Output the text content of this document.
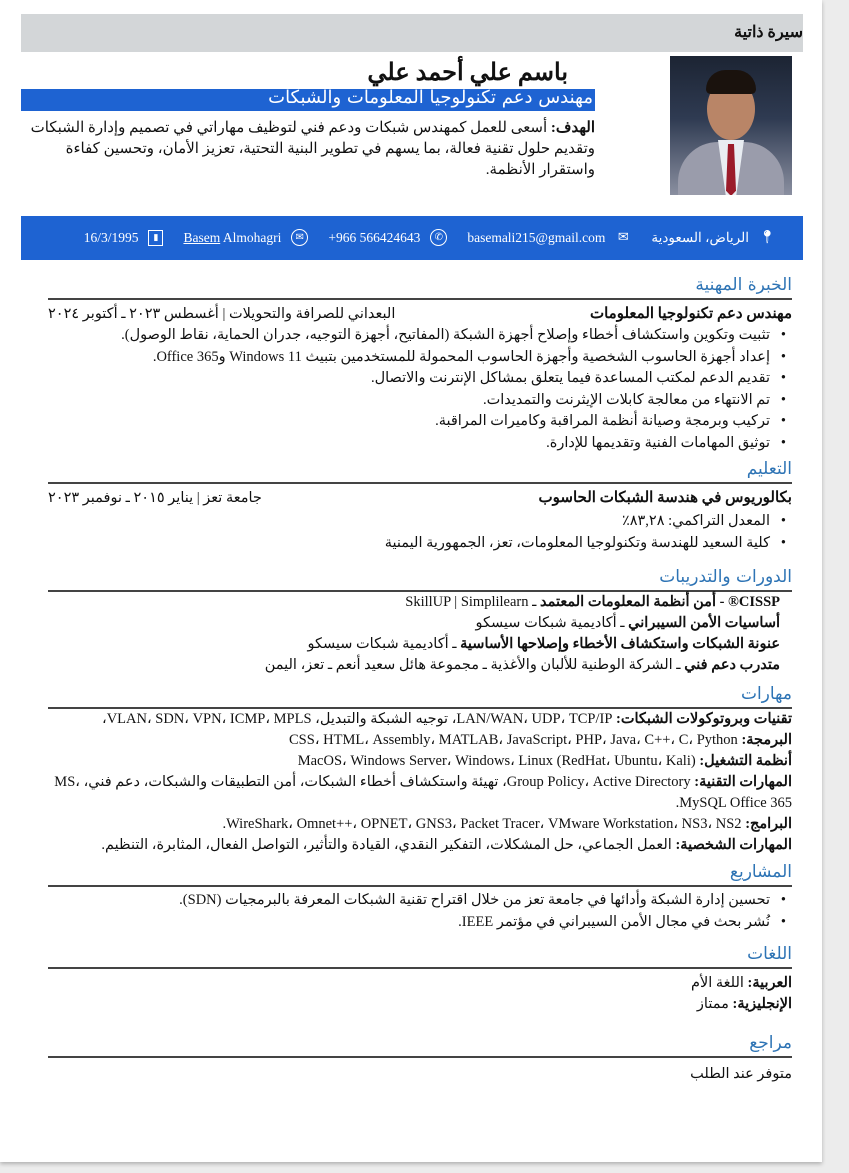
سيرة ذاتية
باسم علي أحمد علي
مهندس دعم تكنولوجيا المعلومات والشبكات
الهدف: أسعى للعمل كمهندس شبكات ودعم فني لتوظيف مهاراتي في تصميم وإدارة الشبكات وتقديم حلول تقنية فعالة، بما يسهم في تطوير البنية التحتية، تعزيز الأمان، وتحسين كفاءة واستقرار الأنظمة.
📍︎
الرياض، السعودية
✉
basemali215@gmail.com
✆
+966 566424643
✉
Basem Almohagri
▮
16/3/1995
الخبرة المهنية
مهندس دعم تكنولوجيا المعلومات
البعداني للصرافة والتحويلات | أغسطس ٢٠٢٣ ـ أكتوبر ٢٠٢٤
• تثبيت وتكوين واستكشاف أخطاء وإصلاح أجهزة الشبكة (المفاتيح، أجهزة التوجيه، جدران الحماية، نقاط الوصول).
• إعداد أجهزة الحاسوب الشخصية وأجهزة الحاسوب المحمولة للمستخدمين بتبيث Windows 11 وOffice 365.
• تقديم الدعم لمكتب المساعدة فيما يتعلق بمشاكل الإنترنت والاتصال.
• تم الانتهاء من معالجة كابلات الإيثرنت والتمديدات.
• تركيب وبرمجة وصيانة أنظمة المراقبة وكاميرات المراقبة.
• توثيق المهامات الفنية وتقديمها للإدارة.
التعليم
بكالوريوس في هندسة الشبكات الحاسوب
جامعة تعز | يناير ٢٠١٥ ـ نوفمبر ٢٠٢٣
• المعدل التراكمي: ٨٣,٢٨٪
• كلية السعيد للهندسة وتكنولوجيا المعلومات، تعز، الجمهورية اليمنية
الدورات والتدريبات
CISSP® - أمن أنظمة المعلومات المعتمد ـ SkillUP | Simplilearn
أساسيات الأمن السيبراني ـ أكاديمية شبكات سيسكو
عنونة الشبكات واستكشاف الأخطاء وإصلاحها الأساسية ـ أكاديمية شبكات سيسكو
متدرب دعم فني ـ الشركة الوطنية للألبان والأغذية ـ مجموعة هائل سعيد أنعم ـ تعز، اليمن
مهارات
تقنيات وبروتوكولات الشبكات: LAN/WAN، UDP، TCP/IP، توجيه الشبكة والتبديل، VLAN، SDN، VPN، ICMP، MPLS،
البرمجة: CSS، HTML، Assembly، MATLAB، JavaScript، PHP، Java، C++، C، Python
أنظمة التشغيل: MacOS، Windows Server، Windows، Linux (RedHat، Ubuntu، Kali)
المهارات التقنية: Group Policy، Active Directory، تهيئة واستكشاف أخطاء الشبكات، أمن التطبيقات والشبكات، دعم فني، MS، MySQL Office 365.
البرامج: WireShark، Omnet++، OPNET، GNS3، Packet Tracer، VMware Workstation، NS3، NS2.
المهارات الشخصية: العمل الجماعي، حل المشكلات، التفكير النقدي، القيادة والتأثير، التواصل الفعال، المثابرة، التنظيم.
المشاريع
• تحسين إدارة الشبكة وأدائها في جامعة تعز من خلال اقتراح تقنية الشبكات المعرفة بالبرمجيات (SDN).
• نُشر بحث في مجال الأمن السيبراني في مؤتمر IEEE.
اللغات
العربية: اللغة الأم
الإنجليزية: ممتاز
مراجع
متوفر عند الطلب
